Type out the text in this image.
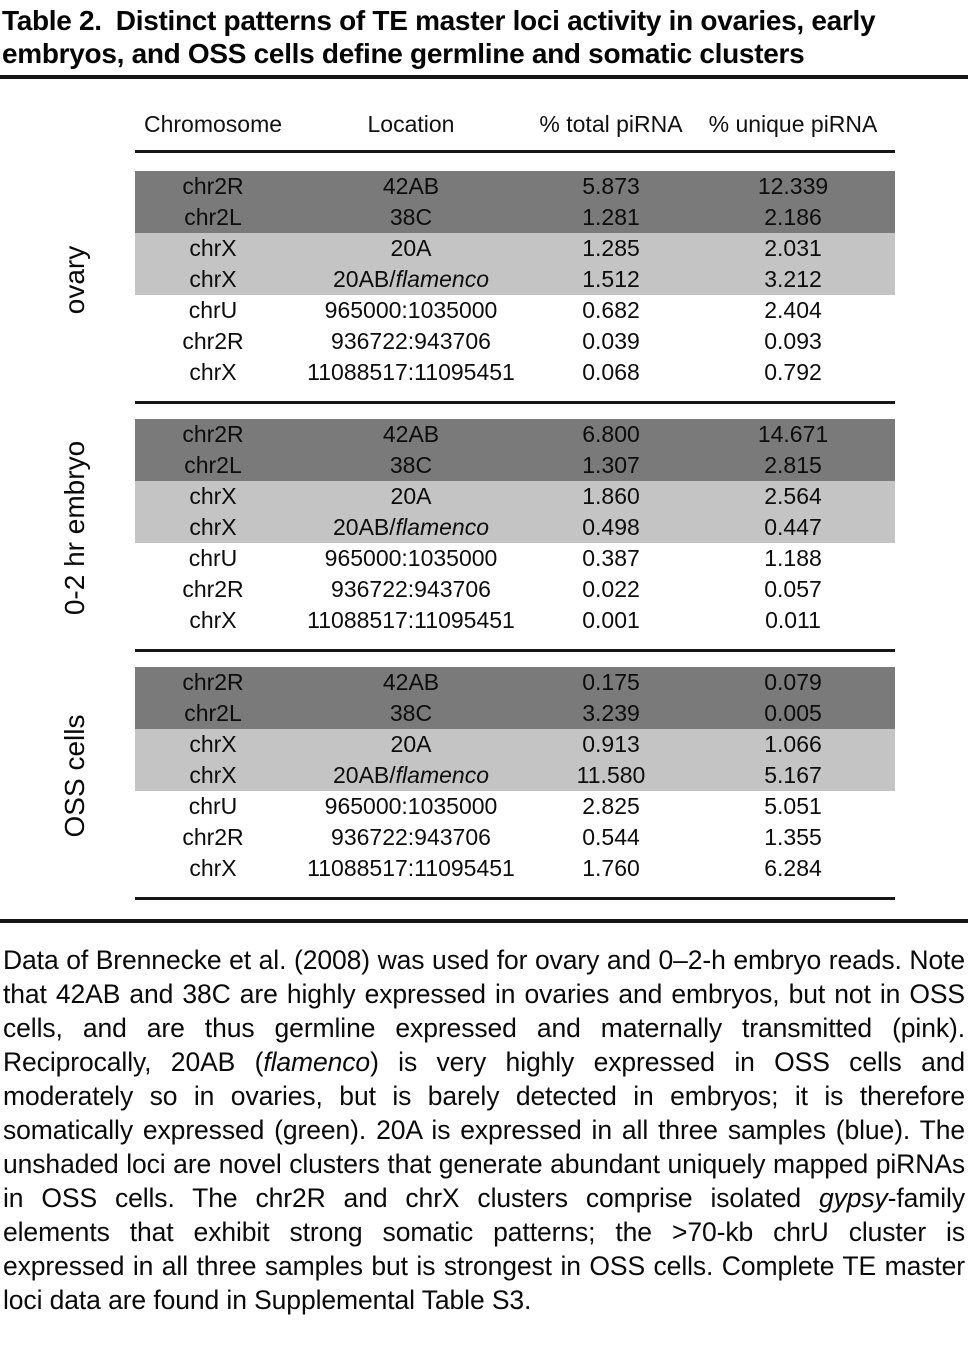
Table 2. Distinct patterns of TE master loci activity in ovaries, early embryos, and OSS cells define germline and somatic clusters
Chromosome	Location	% total piRNA	% unique piRNA
ovary
chr2R	42AB	5.873	12.339
chr2L	38C	1.281	2.186
chrX	20A	1.285	2.031
chrX	20AB/flamenco	1.512	3.212
chrU	965000:1035000	0.682	2.404
chr2R	936722:943706	0.039	0.093
chrX	11088517:11095451	0.068	0.792
0-2 hr embryo
chr2R	42AB	6.800	14.671
chr2L	38C	1.307	2.815
chrX	20A	1.860	2.564
chrX	20AB/flamenco	0.498	0.447
chrU	965000:1035000	0.387	1.188
chr2R	936722:943706	0.022	0.057
chrX	11088517:11095451	0.001	0.011
OSS cells
chr2R	42AB	0.175	0.079
chr2L	38C	3.239	0.005
chrX	20A	0.913	1.066
chrX	20AB/flamenco	11.580	5.167
chrU	965000:1035000	2.825	5.051
chr2R	936722:943706	0.544	1.355
chrX	11088517:11095451	1.760	6.284

Data of Brennecke et al. (2008) was used for ovary and 0–2-h embryo reads. Note that 42AB and 38C are highly expressed in ovaries and embryos, but not in OSS cells, and are thus germline expressed and maternally transmitted (pink). Reciprocally, 20AB (flamenco) is very highly expressed in OSS cells and moderately so in ovaries, but is barely detected in embryos; it is therefore somatically expressed (green). 20A is expressed in all three samples (blue). The unshaded loci are novel clusters that generate abundant uniquely mapped piRNAs in OSS cells. The chr2R and chrX clusters comprise isolated gypsy-family elements that exhibit strong somatic patterns; the >70-kb chrU cluster is expressed in all three samples but is strongest in OSS cells. Complete TE master loci data are found in Supplemental Table S3.
